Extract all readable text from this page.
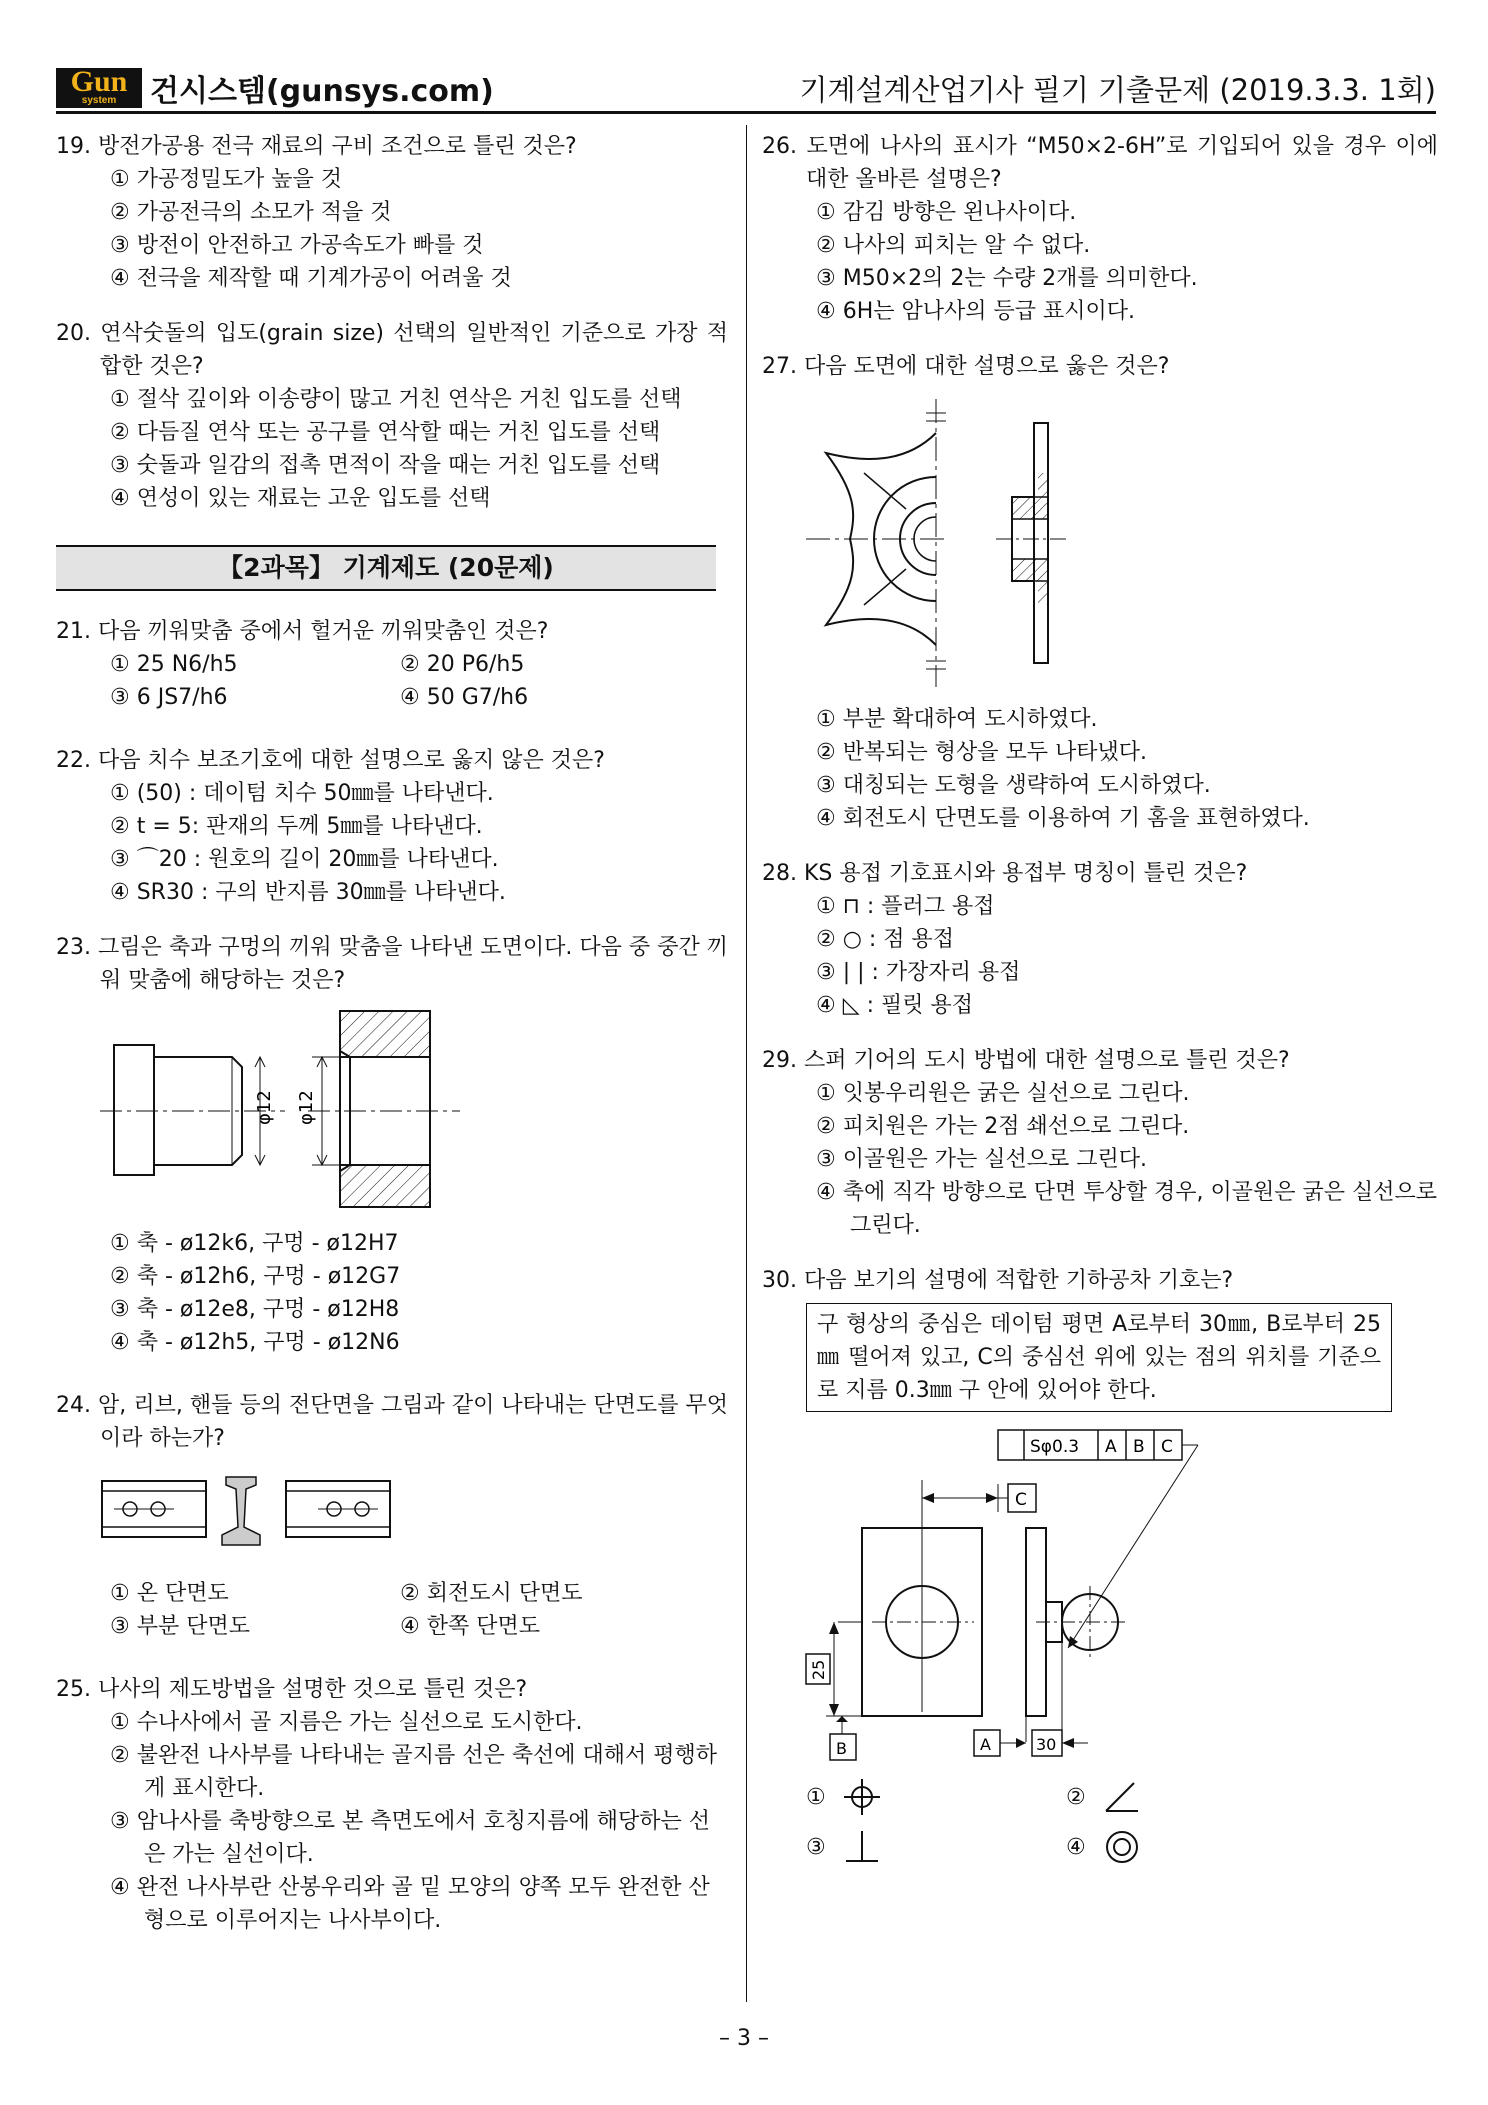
Gun
system	건시스템(gunsys.com)	기계설계산업기사 필기 기출문제 (2019.3.3. 1회)
19. 방전가공용 전극 재료의 구비 조건으로 틀린 것은?
① 가공정밀도가 높을 것
② 가공전극의 소모가 적을 것
③ 방전이 안전하고 가공속도가 빠를 것
④ 전극을 제작할 때 기계가공이 어려울 것
20. 연삭숫돌의 입도(grain size) 선택의 일반적인 기준으로 가장 적합한 것은?
① 절삭 깊이와 이송량이 많고 거친 연삭은 거친 입도를 선택
② 다듬질 연삭 또는 공구를 연삭할 때는 거친 입도를 선택
③ 숫돌과 일감의 접촉 면적이 작을 때는 거친 입도를 선택
④ 연성이 있는 재료는 고운 입도를 선택
【2과목】 기계제도 (20문제)
21. 다음 끼워맞춤 중에서 헐거운 끼워맞춤인 것은?
① 25 N6/h5	② 20 P6/h5
③ 6 JS7/h6	④ 50 G7/h6
22. 다음 치수 보조기호에 대한 설명으로 옳지 않은 것은?
① (50) : 데이텀 치수 50㎜를 나타낸다.
② t = 5: 판재의 두께 5㎜를 나타낸다.
③ ⌒20 : 원호의 길이 20㎜를 나타낸다.
④ SR30 : 구의 반지름 30㎜를 나타낸다.
23. 그림은 축과 구멍의 끼워 맞춤을 나타낸 도면이다. 다음 중 중간 끼워 맞춤에 해당하는 것은?
φ12 φ12
① 축 - ø12k6, 구멍 - ø12H7
② 축 - ø12h6, 구멍 - ø12G7
③ 축 - ø12e8, 구멍 - ø12H8
④ 축 - ø12h5, 구멍 - ø12N6
24. 암, 리브, 핸들 등의 전단면을 그림과 같이 나타내는 단면도를 무엇이라 하는가?
① 온 단면도	② 회전도시 단면도
③ 부분 단면도	④ 한쪽 단면도
25. 나사의 제도방법을 설명한 것으로 틀린 것은?
① 수나사에서 골 지름은 가는 실선으로 도시한다.
② 불완전 나사부를 나타내는 골지름 선은 축선에 대해서 평행하게 표시한다.
③ 암나사를 축방향으로 본 측면도에서 호칭지름에 해당하는 선은 가는 실선이다.
④ 완전 나사부란 산봉우리와 골 밑 모양의 양쪽 모두 완전한 산형으로 이루어지는 나사부이다.
26. 도면에 나사의 표시가 “M50×2-6H”로 기입되어 있을 경우 이에 대한 올바른 설명은?
① 감김 방향은 왼나사이다.
② 나사의 피치는 알 수 없다.
③ M50×2의 2는 수량 2개를 의미한다.
④ 6H는 암나사의 등급 표시이다.
27. 다음 도면에 대한 설명으로 옳은 것은?
① 부분 확대하여 도시하였다.
② 반복되는 형상을 모두 나타냈다.
③ 대칭되는 도형을 생략하여 도시하였다.
④ 회전도시 단면도를 이용하여 기 홈을 표현하였다.
28. KS 용접 기호표시와 용접부 명칭이 틀린 것은?
① ⊓ : 플러그 용접
② ○ : 점 용접
③ | | : 가장자리 용접
④ ◺ : 필릿 용접
29. 스퍼 기어의 도시 방법에 대한 설명으로 틀린 것은?
① 잇봉우리원은 굵은 실선으로 그린다.
② 피치원은 가는 2점 쇄선으로 그린다.
③ 이골원은 가는 실선으로 그린다.
④ 축에 직각 방향으로 단면 투상할 경우, 이골원은 굵은 실선으로 그린다.
30. 다음 보기의 설명에 적합한 기하공차 기호는?
구 형상의 중심은 데이텀 평면 A로부터 30㎜, B로부터 25㎜ 떨어져 있고, C의 중심선 위에 있는 점의 위치를 기준으로 지름 0.3㎜ 구 안에 있어야 한다.
Sφ0.3 A B C
C
25
B	A	30
①	②
③	④
– 3 –
